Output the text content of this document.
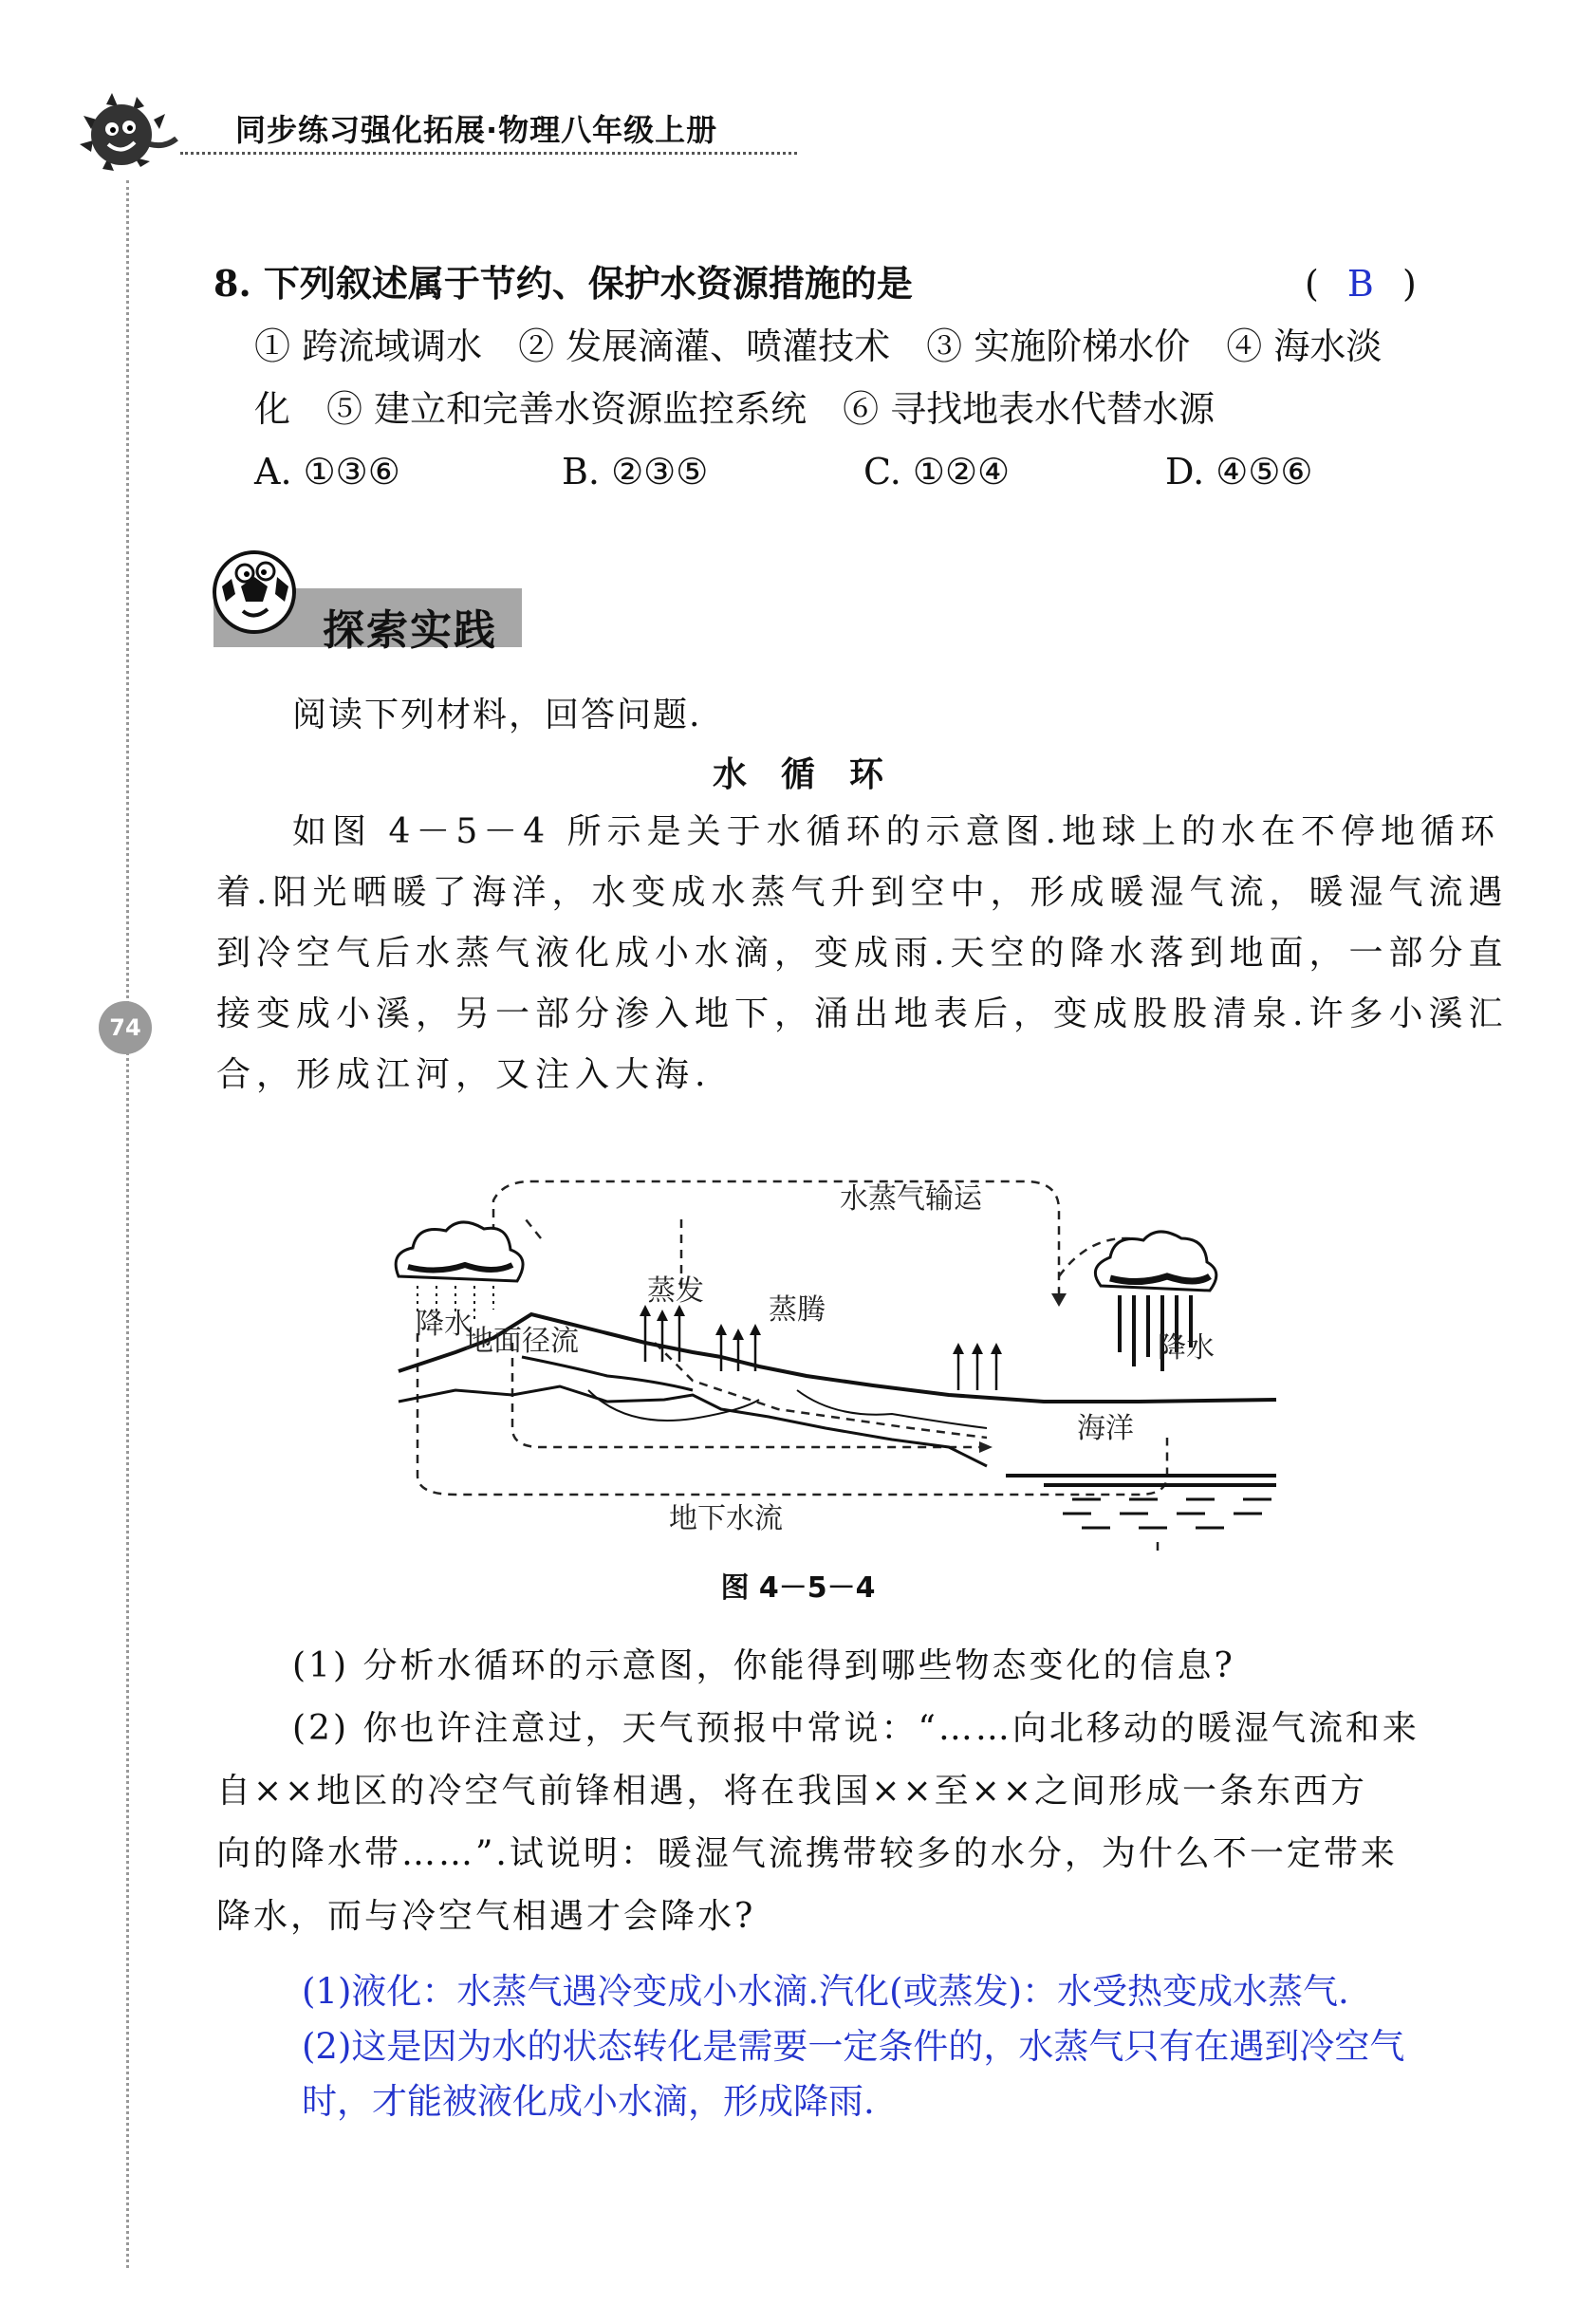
同步练习强化拓展·物理八年级上册
74
8. 下列叙述属于节约、保护水资源措施的是	( B )
① 跨流域调水　② 发展滴灌、喷灌技术　③ 实施阶梯水价　④ 海水淡
化　⑤ 建立和完善水资源监控系统　⑥ 寻找地表水代替水源
A. ①③⑥	B. ②③⑤	C. ①②④	D. ④⑤⑥
探索实践
阅读下列材料，回答问题.
水　循　环
如图 4－5－4 所示是关于水循环的示意图.地球上的水在不停地循环
着.阳光晒暖了海洋，水变成水蒸气升到空中，形成暖湿气流，暖湿气流遇
到冷空气后水蒸气液化成小水滴，变成雨.天空的降水落到地面，一部分直
接变成小溪，另一部分渗入地下，涌出地表后，变成股股清泉.许多小溪汇
合，形成江河，又注入大海.
水蒸气输运
降水
蒸发
蒸腾
地面径流	降水
海洋
地下水流
图 4－5－4
(1) 分析水循环的示意图，你能得到哪些物态变化的信息?
(2) 你也许注意过，天气预报中常说：“……向北移动的暖湿气流和来
自××地区的冷空气前锋相遇，将在我国××至××之间形成一条东西方
向的降水带……”.试说明：暖湿气流携带较多的水分，为什么不一定带来
降水，而与冷空气相遇才会降水?
(1)液化：水蒸气遇冷变成小水滴.汽化(或蒸发)：水受热变成水蒸气.
(2)这是因为水的状态转化是需要一定条件的，水蒸气只有在遇到冷空气
时，才能被液化成小水滴，形成降雨.
